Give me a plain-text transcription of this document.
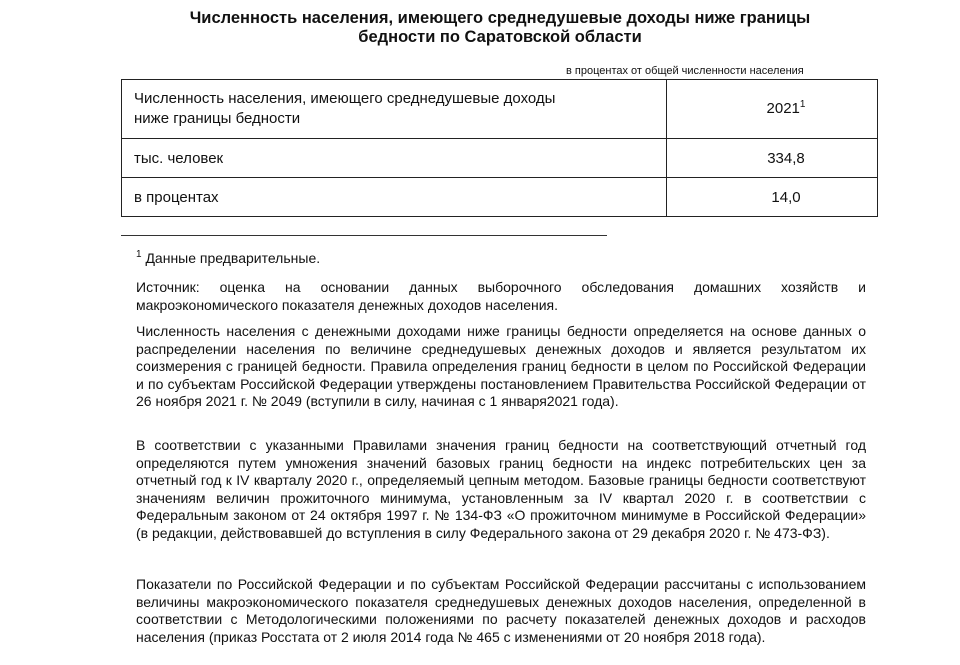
Численность населения, имеющего среднедушевые доходы ниже границы
бедности по Саратовской области
в процентах от общей численности населения
Численность населения, имеющего среднедушевые доходы
ниже границы бедности	2021$^1$
тыс. человек	334,8
в процентах	14,0
$^1$ Данные предварительные.

Источник: оценка на основании данных выборочного обследования домашних хозяйств и макроэкономического показателя денежных доходов населения.

Численность населения с денежными доходами ниже границы бедности определяется на основе данных о распределении населения по величине среднедушевых денежных доходов и является результатом их соизмерения с границей бедности. Правила определения границ бедности в целом по Российской Федерации и по субъектам Российской Федерации утверждены постановлением Правительства Российской Федерации от 26 ноября 2021 г. № 2049 (вступили в силу, начиная с 1 января2021 года).

В соответствии с указанными Правилами значения границ бедности на соответствующий отчетный год определяются путем умножения значений базовых границ бедности на индекс потребительских цен за отчетный год к IV кварталу 2020 г., определяемый цепным методом. Базовые границы бедности соответствуют значениям величин прожиточного минимума, установленным за IV квартал 2020 г. в соответствии с Федеральным законом от 24 октября 1997 г. № 134-ФЗ «О прожиточном минимуме в Российской Федерации» (в редакции, действовавшей до вступления в силу Федерального закона от 29 декабря 2020 г. № 473-ФЗ).

Показатели по Российской Федерации и по субъектам Российской Федерации рассчитаны с использованием величины макроэкономического показателя среднедушевых денежных доходов населения, определенной в соответствии с Методологическими положениями по расчету показателей денежных доходов и расходов населения (приказ Росстата от 2 июля 2014 года № 465 с изменениями от 20 ноября 2018 года).
